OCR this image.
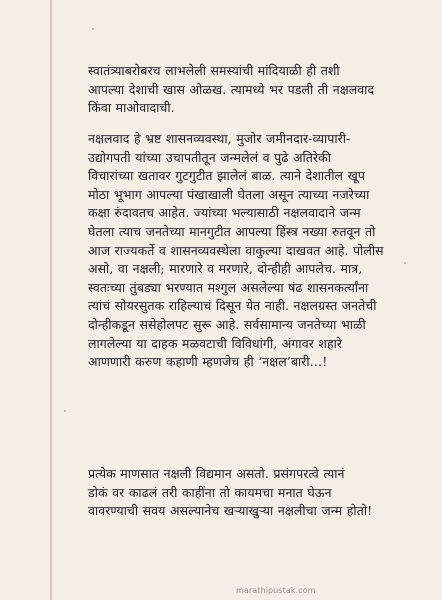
स्वातंत्र्याबरोबरच लाभलेली समस्यांची मांदियाळी ही तशी
आपल्या देशाची खास ओळख. त्यामध्ये भर पडली ती नक्षलवाद
किंवा माओवादाची.
नक्षलवाद हे भ्रष्ट शासनव्यवस्था, मुजोर जमीनदार-व्यापारी-
उद्योगपती यांच्या उचापतीतून जन्मलेलं व पुढे अतिरेकी
विचारांच्या खतावर गुटगुटीत झालेलं बाळ. त्याने देशातील खूप
मोठा भूभाग आपल्या पंखाखाली घेतला असून त्याच्या नजरेच्या
कक्षा रुंदावतच आहेत. ज्यांच्या भल्यासाठी नक्षलवादाने जन्म
घेतला त्याच जनतेच्या मानगुटीत आपल्या हिंस्त्र नख्या रुतवून तो
आज राज्यकर्ते व शासनव्यवस्थेला वाकुल्या दाखवत आहे. पोलीस
असो, वा नक्षली; मारणारे व मरणारे, दोन्हीही आपलेच. मात्र,
स्वतःच्या तुंबड्या भरण्यात मश्गुल असलेल्या षंढ शासनकर्त्यांना
त्यांचं सोयरसुतक राहिल्याचं दिसून येत नाही. नक्षलग्रस्त जनतेची
दोन्हीकडून ससेहोलपट सुरू आहे. सर्वसामान्य जनतेच्या भाळी
लागलेल्या या दाहक मळवटाची विविधांगी, अंगावर शहारे
आणणारी करुण कहाणी म्हणजेच ही ‘नक्षल’बारी…!
प्रत्येक माणसात नक्षली विद्यमान असतो. प्रसंगपरत्वे त्यानं
डोकं वर काढलं तरी काहींना तो कायमचा मनात घेऊन
वावरण्याची सवय असल्यानेच खऱ्याखुऱ्या नक्षलीचा जन्म होतो!
marathipustak.com
